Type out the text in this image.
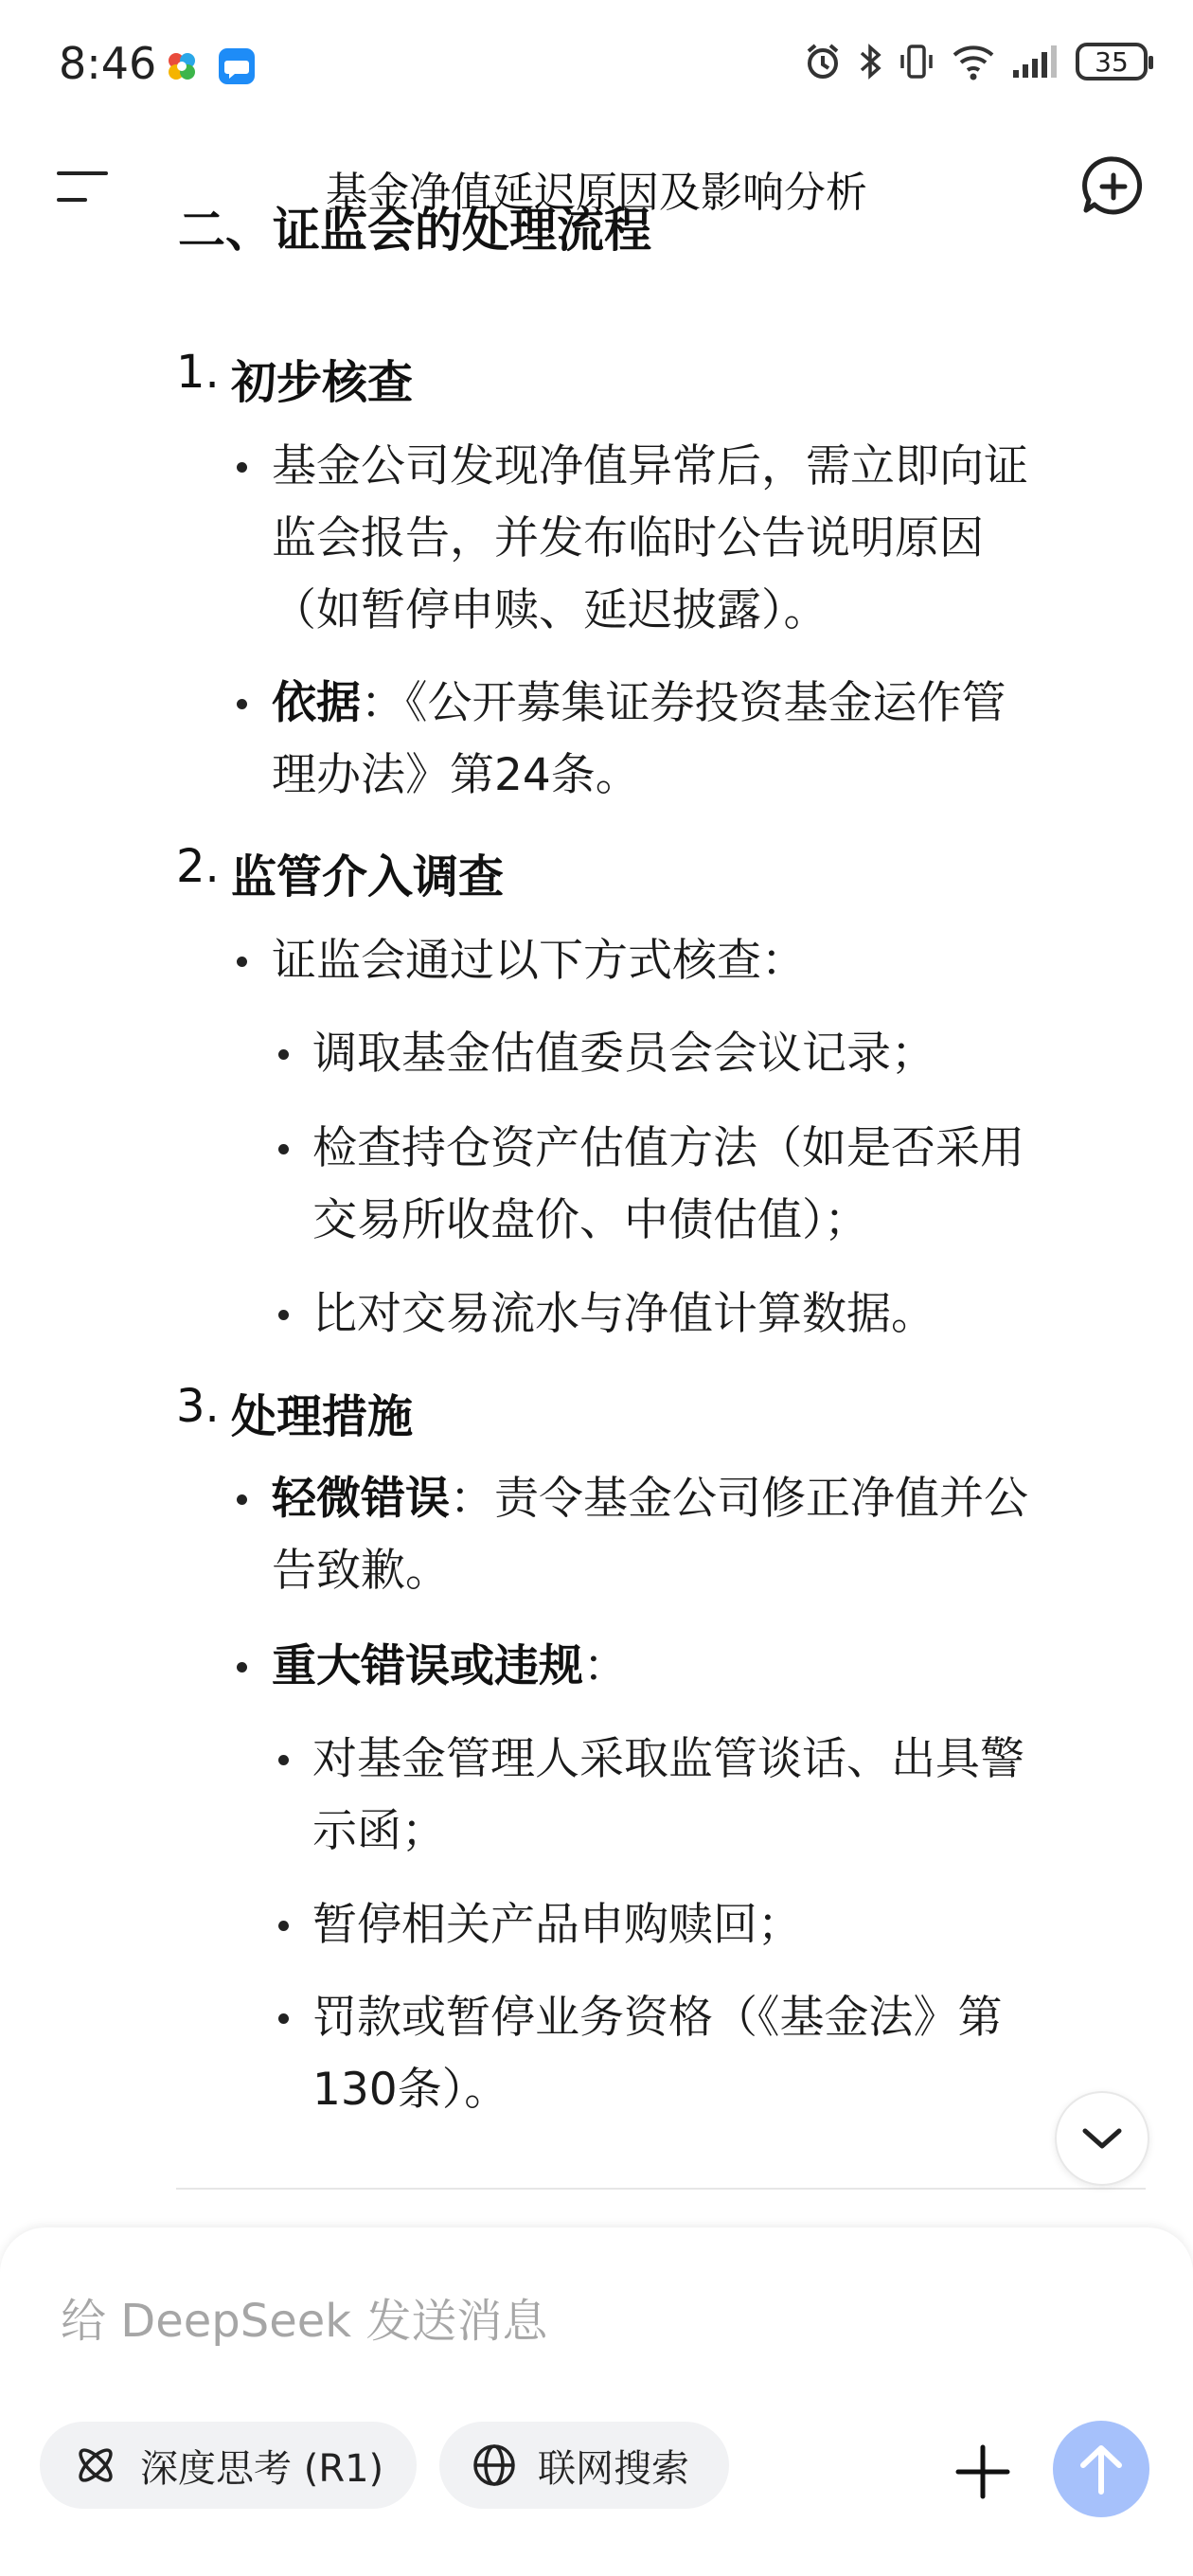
8:46	35
基金净值延迟原因及影响分析
二、证监会的处理流程
1. 初步核查
基金公司发现净值异常后，需立即向证
监会报告，并发布临时公告说明原因
（如暂停申赎、延迟披露）。
依据：《公开募集证券投资基金运作管
理办法》第24条。
2. 监管介入调查
证监会通过以下方式核查：
调取基金估值委员会会议记录；
检查持仓资产估值方法（如是否采用
交易所收盘价、中债估值）；
比对交易流水与净值计算数据。
3. 处理措施
轻微错误：责令基金公司修正净值并公
告致歉。
重大错误或违规：
对基金管理人采取监管谈话、出具警
示函；
暂停相关产品申购赎回；
罚款或暂停业务资格（《基金法》第
130条）。
给 DeepSeek 发送消息
深度思考 (R1)	联网搜索
